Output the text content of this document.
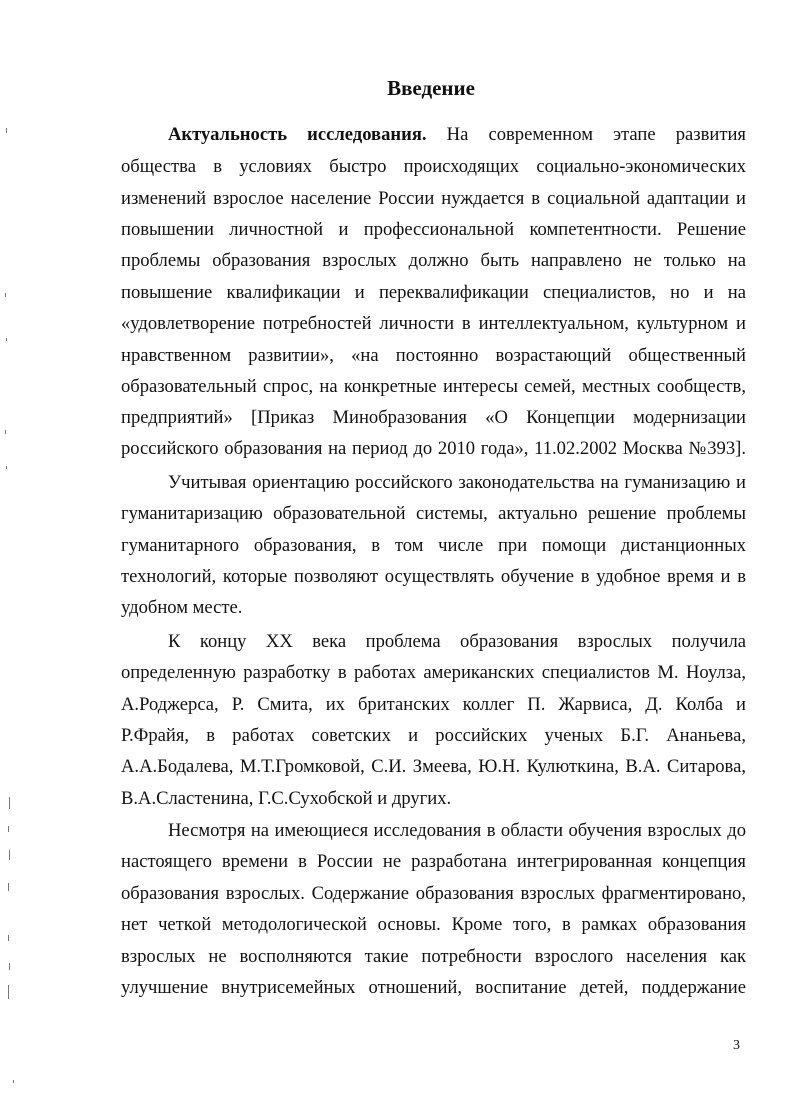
Введение
Актуальность исследования. На современном этапе развития
общества в условиях быстро происходящих социально-экономических
изменений взрослое население России нуждается в социальной адаптации и
повышении личностной и профессиональной компетентности. Решение
проблемы образования взрослых должно быть направлено не только на
повышение квалификации и переквалификации специалистов, но и на
«удовлетворение потребностей личности в интеллектуальном, культурном и
нравственном развитии», «на постоянно возрастающий общественный
образовательный спрос, на конкретные интересы семей, местных сообществ,
предприятий» [Приказ Минобразования «О Концепции модернизации
российского образования на период до 2010 года», 11.02.2002 Москва №393].
Учитывая ориентацию российского законодательства на гуманизацию и
гуманитаризацию образовательной системы, актуально решение проблемы
гуманитарного образования, в том числе при помощи дистанционных
технологий, которые позволяют осуществлять обучение в удобное время и в
удобном месте.
К концу XX века проблема образования взрослых получила
определенную разработку в работах американских специалистов М. Ноулза,
А.Роджерса, Р. Смита, их британских коллег П. Жарвиса, Д. Колба и
Р.Фрайя, в работах советских и российских ученых Б.Г. Ананьева,
А.А.Бодалева, М.Т.Громковой, С.И. Змеева, Ю.Н. Кулюткина, В.А. Ситарова,
В.А.Сластенина, Г.С.Сухобской и других.
Несмотря на имеющиеся исследования в области обучения взрослых до
настоящего времени в России не разработана интегрированная концепция
образования взрослых. Содержание образования взрослых фрагментировано,
нет четкой методологической основы. Кроме того, в рамках образования
взрослых не восполняются такие потребности взрослого населения как
улучшение внутрисемейных отношений, воспитание детей, поддержание
3
